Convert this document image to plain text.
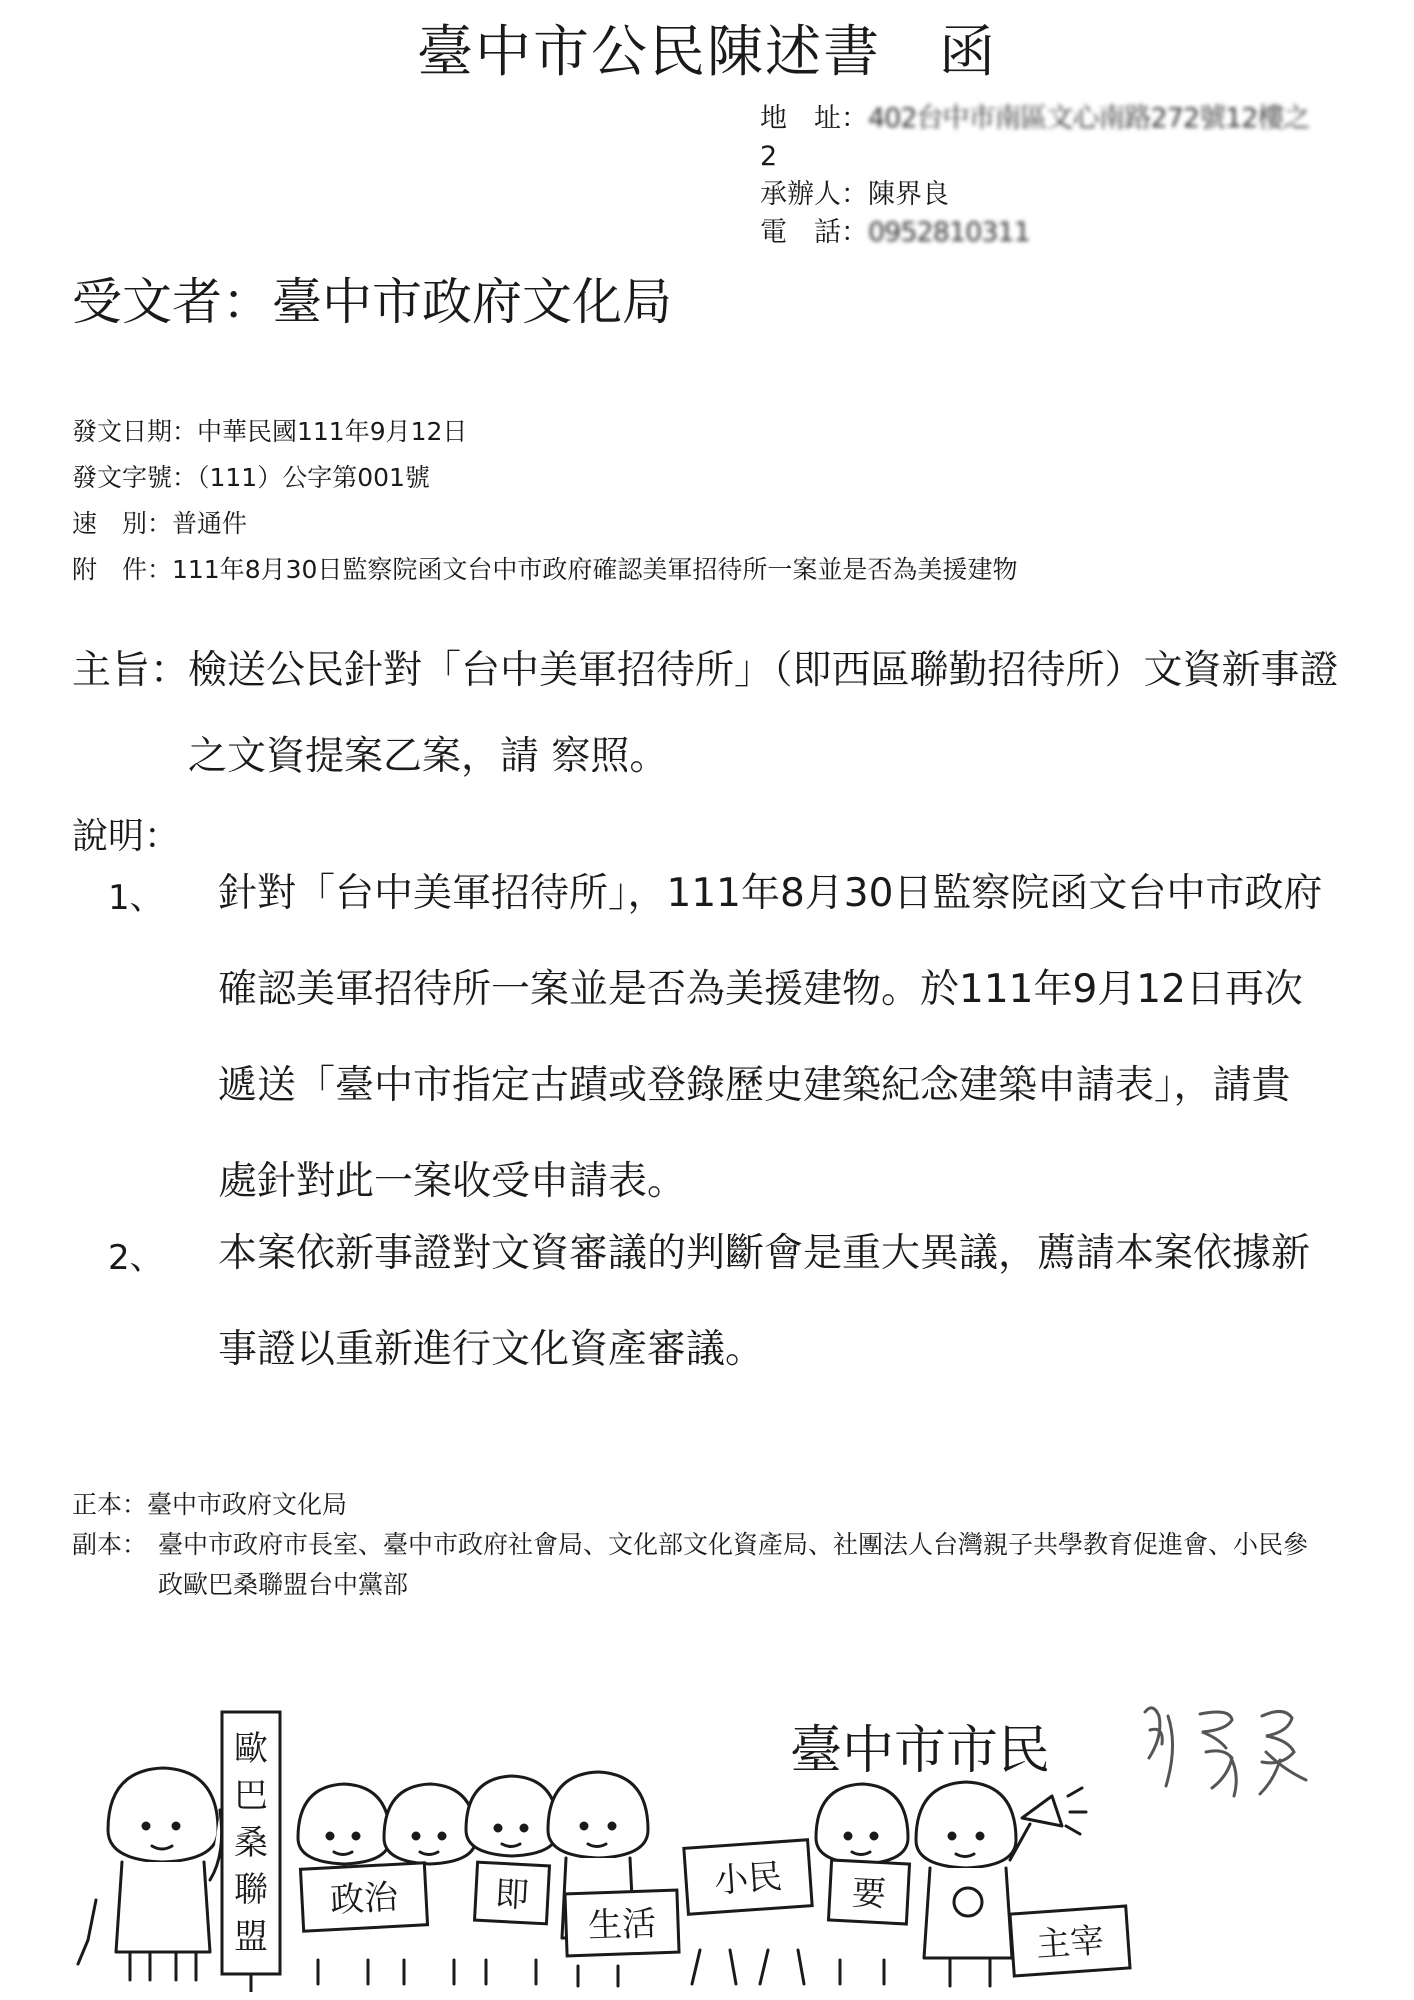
臺中市公民陳述書　函
地　址：402台中市南區文心南路272號12樓之
2
承辦人：陳界良
電　話：0952810311
受文者：臺中市政府文化局
發文日期：中華民國111年9月12日
發文字號：（111）公字第001號
速　別：普通件
附　件：111年8月30日監察院函文台中市政府確認美軍招待所一案並是否為美援建物
主旨：
檢送公民針對「台中美軍招待所」（即西區聯勤招待所）文資新事證之文資提案乙案，請 察照。
說明：
1、 針對「台中美軍招待所」，111年8月30日監察院函文台中市政府確認美軍招待所一案並是否為美援建物。於111年9月12日再次遞送「臺中市指定古蹟或登錄歷史建築紀念建築申請表」，請貴處針對此一案收受申請表。
2、 本案依新事證對文資審議的判斷會是重大異議，薦請本案依據新事證以重新進行文化資產審議。
正本：臺中市政府文化局
副本： 臺中市政府市長室、臺中市政府社會局、文化部文化資產局、社團法人台灣親子共學教育促進會、小民參政歐巴桑聯盟台中黨部
臺中市市民
歐
巴
桑
聯
盟
政治	即
生活
小民 要
主宰
